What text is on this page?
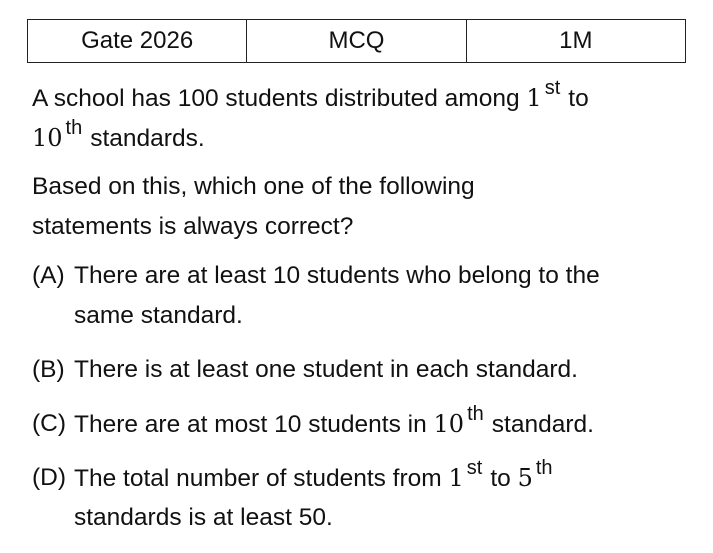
Gate 2026	MCQ	1M
A school has 100 students distributed among 1 $^{st}$ to
10 $^{th}$ standards.
Based on this, which one of the following
statements is always correct?
(A) There are at least 10 students who belong to the
same standard.
(B) There is at least one student in each standard.
(C) There are at most 10 students in 10 $^{th}$ standard.
(D) The total number of students from 1 $^{st}$ to 5 $^{th}$
standards is at least 50.
